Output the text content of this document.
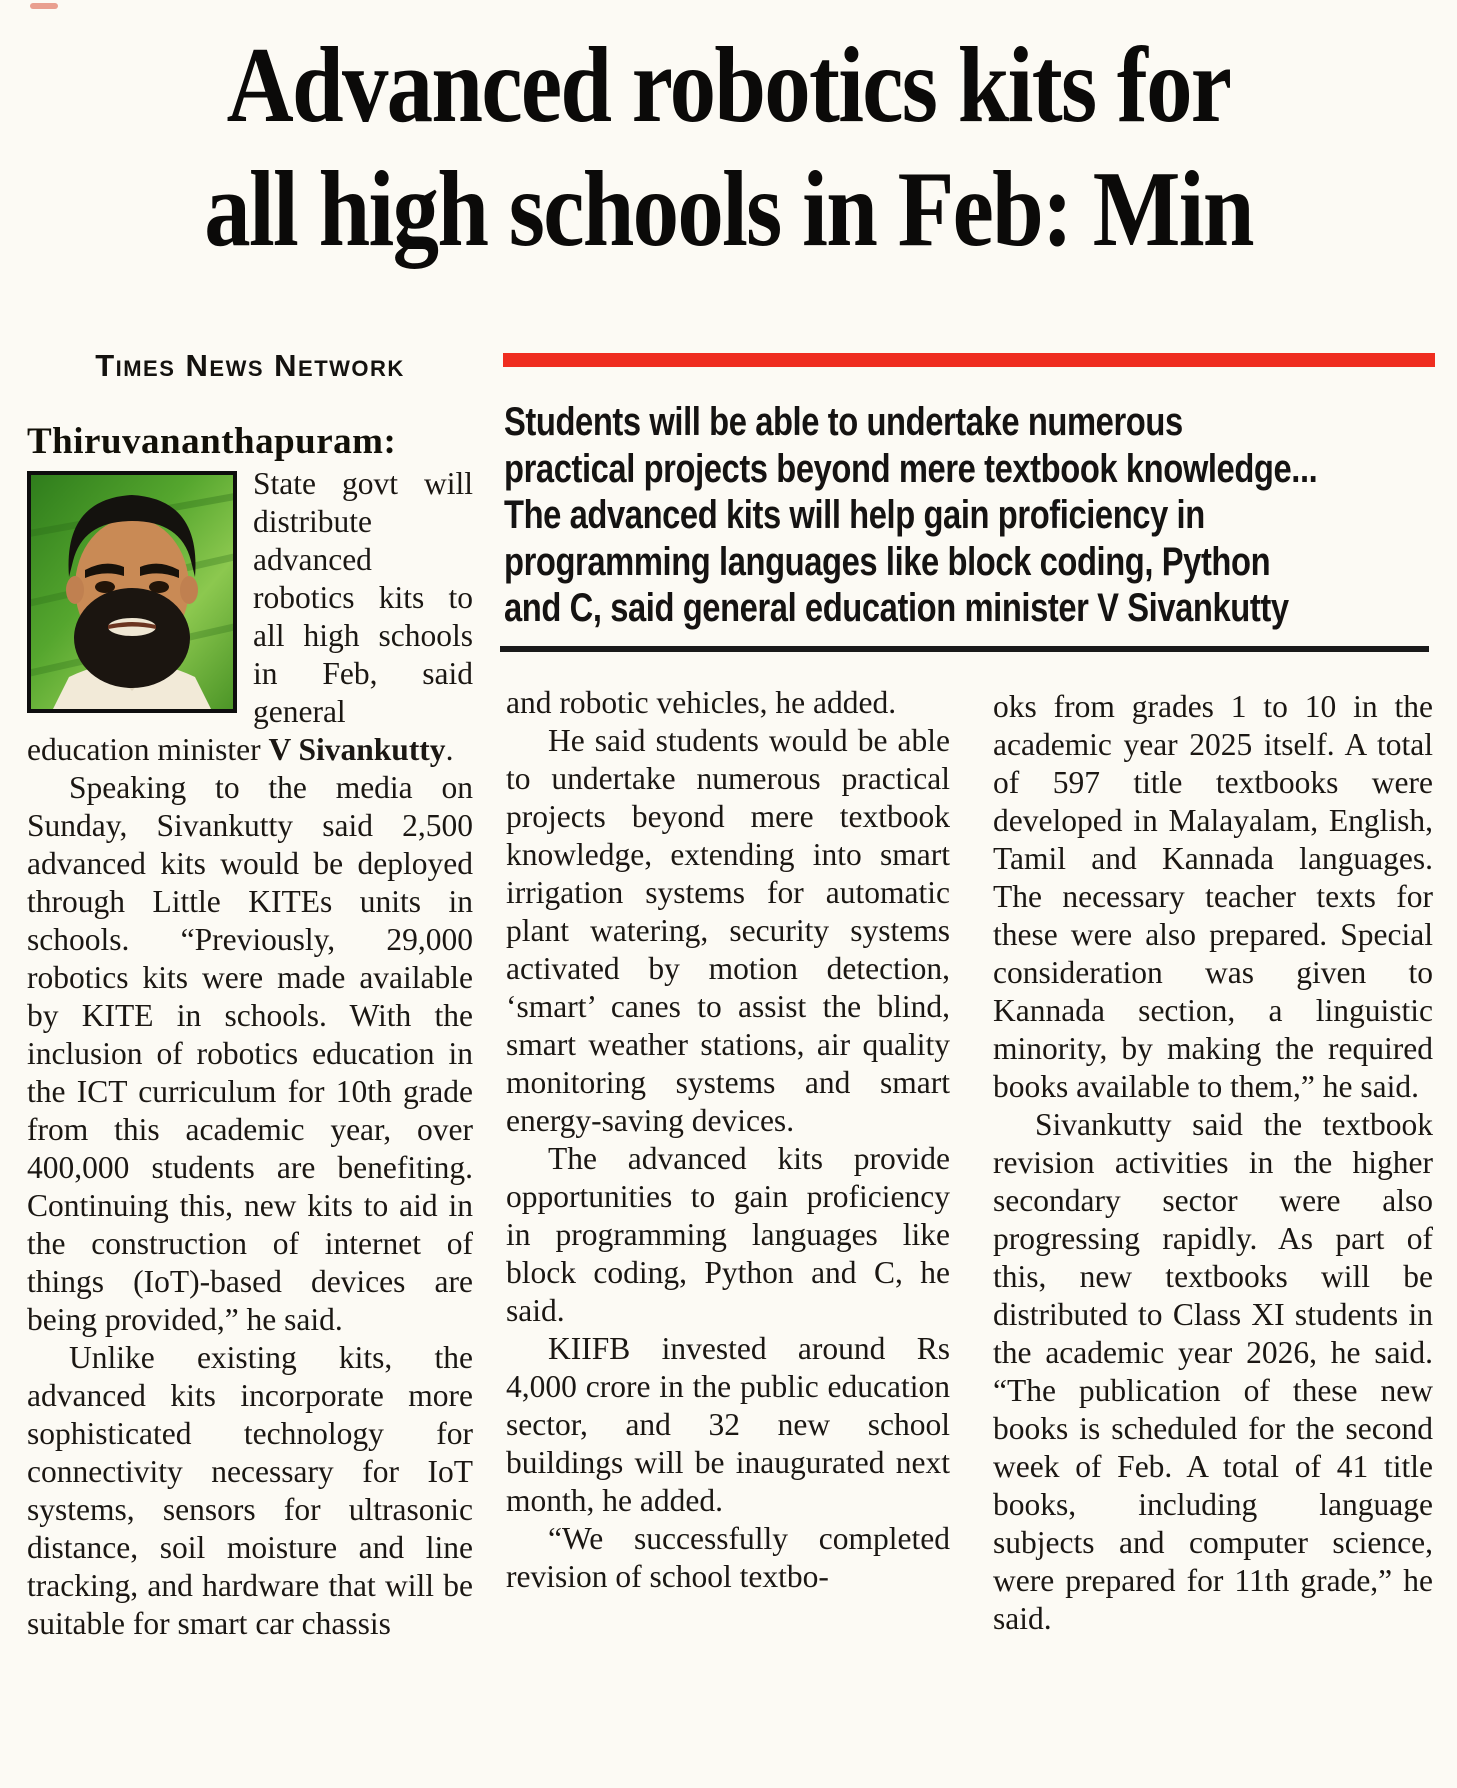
Advanced robotics kits for
all high schools in Feb: Min
Times News Network
Students will be able to undertake numerous
practical projects beyond mere textbook knowledge...
The advanced kits will help gain proficiency in
programming languages like block coding, Python
and C, said general education minister V Sivankutty
Thiruvananthapuram:

State govt will distribute advanced robotics kits to all high schools in Feb, said general education minister V Sivankutty.

Speaking to the media on Sunday, Sivankutty said 2,500 advanced kits would be deployed through Little KITEs units in schools. “Previously, 29,000 robotics kits were made available by KITE in schools. With the inclusion of robotics education in the ICT curriculum for 10th grade from this academic year, over 400,000 students are benefiting. Continuing this, new kits to aid in the construction of internet of things (IoT)-based devices are being provided,” he said.

Unlike existing kits, the advanced kits incorporate more sophisticated technology for connectivity necessary for IoT systems, sensors for ultrasonic distance, soil moisture and line tracking, and hardware that will be suitable for smart car chassis

and robotic vehicles, he added.

He said students would be able to undertake numerous practical projects beyond mere textbook knowledge, extending into smart irrigation systems for automatic plant watering, security systems activated by motion detection, ‘smart’ canes to assist the blind, smart weather stations, air quality monitoring systems and smart energy-saving devices.

The advanced kits provide opportunities to gain proficiency in programming languages like block coding, Python and C, he said.

KIIFB invested around Rs 4,000 crore in the public education sector, and 32 new school buildings will be inaugurated next month, he added.

“We successfully completed revision of school textbo-

oks from grades 1 to 10 in the academic year 2025 itself. A total of 597 title textbooks were developed in Malayalam, English, Tamil and Kannada languages. The necessary teacher texts for these were also prepared. Special consideration was given to Kannada section, a linguistic minority, by making the required books available to them,” he said.

Sivankutty said the textbook revision activities in the higher secondary sector were also progressing rapidly. As part of this, new textbooks will be distributed to Class XI students in the academic year 2026, he said. “The publication of these new books is scheduled for the second week of Feb. A total of 41 title books, including language subjects and computer science, were prepared for 11th grade,” he said.
